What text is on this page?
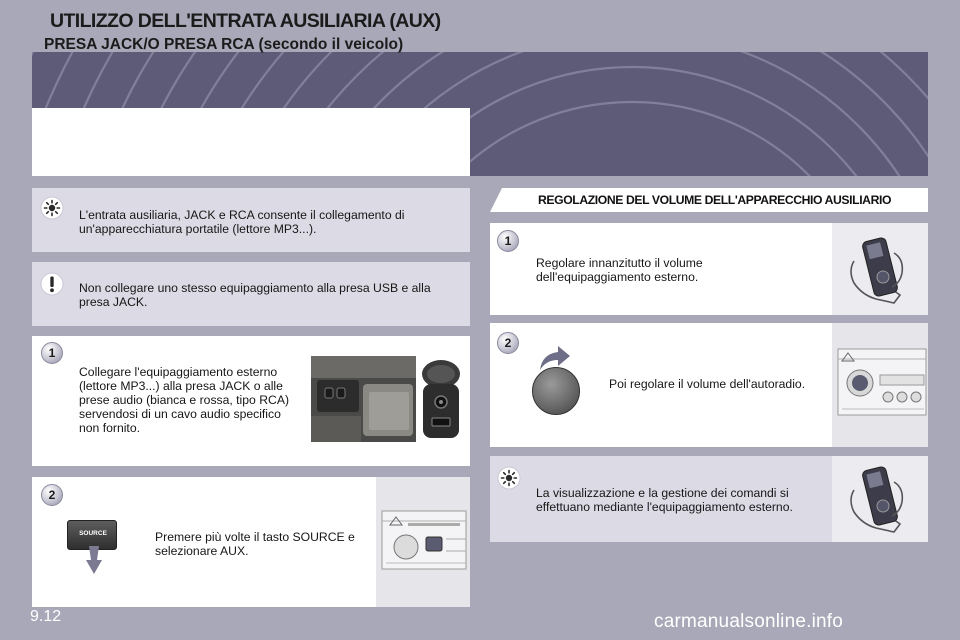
UTILIZZO DELL'ENTRATA AUSILIARIA (AUX)
PRESA JACK/O PRESA RCA (secondo il veicolo)
L'entrata ausiliaria, JACK e RCA consente il collegamento di un'apparecchiatura portatile (lettore MP3...).
Non collegare uno stesso equipaggiamento alla presa USB e alla presa JACK.
1
Collegare l'equipaggiamento esterno (lettore MP3...) alla presa JACK o alle prese audio (bianca e rossa, tipo RCA) servendosi di un cavo audio specifico non fornito.
2
SOURCE	Premere più volte il tasto SOURCE e selezionare AUX.
REGOLAZIONE DEL VOLUME DELL'APPARECCHIO AUSILIARIO
1
Regolare innanzitutto il volume dell'equipaggiamento esterno.
2
Poi regolare il volume dell'autoradio.
La visualizzazione e la gestione dei comandi si effettuano mediante l'equipaggiamento esterno.
9.12	carmanualsonline.info
